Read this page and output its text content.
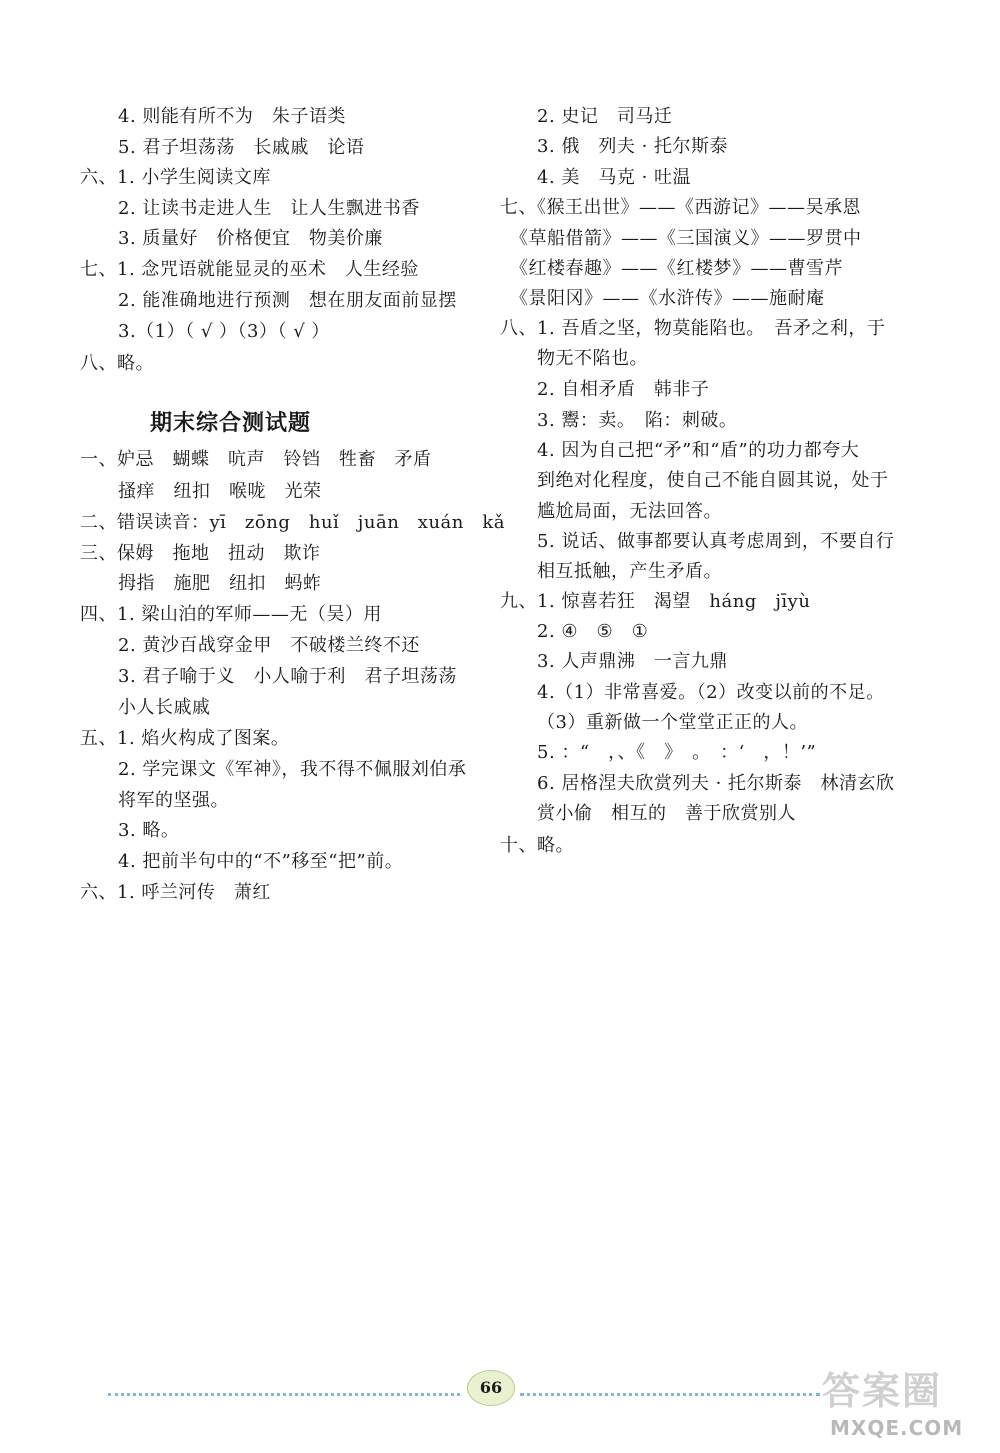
4. 则能有所不为　朱子语类
5. 君子坦荡荡　长戚戚　论语
六、1. 小学生阅读文库
2. 让读书走进人生　让人生飘进书香
3. 质量好　价格便宜　物美价廉
七、1. 念咒语就能显灵的巫术　人生经验
2. 能准确地进行预测　想在朋友面前显摆
3.（1）（ √ ）（3）（ √ ）
八、略。
期末综合测试题
一、妒忌　蝴蝶　吭声　铃铛　牲畜　矛盾
搔痒　纽扣　喉咙　光荣
二、错误读音：yī　zōng　huǐ　juān　xuán　kǎ
三、保姆　拖地　扭动　欺诈
拇指　施肥　纽扣　蚂蚱
四、1. 梁山泊的军师——无（吴）用
2. 黄沙百战穿金甲　不破楼兰终不还
3. 君子喻于义　小人喻于利　君子坦荡荡
小人长戚戚
五、1. 焰火构成了图案。
2. 学完课文《军神》，我不得不佩服刘伯承
将军的坚强。
3. 略。
4. 把前半句中的“不”移至“把”前。
六、1. 呼兰河传　萧红
2. 史记　司马迁
3. 俄　列夫 · 托尔斯泰
4. 美　马克 · 吐温
七、《猴王出世》——《西游记》——吴承恩
《草船借箭》——《三国演义》——罗贯中
《红楼春趣》——《红楼梦》——曹雪芹
《景阳冈》——《水浒传》——施耐庵
八、1. 吾盾之坚，物莫能陷也。　吾矛之利，于
物无不陷也。
2. 自相矛盾　韩非子
3. 鬻：卖。　陷：刺破。
4. 因为自己把“矛”和“盾”的功力都夸大
到绝对化程度，使自己不能自圆其说，处于
尴尬局面，无法回答。
5. 说话、做事都要认真考虑周到，不要自行
相互抵触，产生矛盾。
九、1. 惊喜若狂　渴望　háng　jīyù
2. ④　⑤　①
3. 人声鼎沸　一言九鼎
4.（1）非常喜爱。（2）改变以前的不足。
（3）重新做一个堂堂正正的人。
5. ：“　，、《　》　。　：‘　，！’”
6. 居格涅夫欣赏列夫 · 托尔斯泰　林清玄欣
赏小偷　相互的　善于欣赏别人
十、略。
66	答案圈
MXQE.COM
